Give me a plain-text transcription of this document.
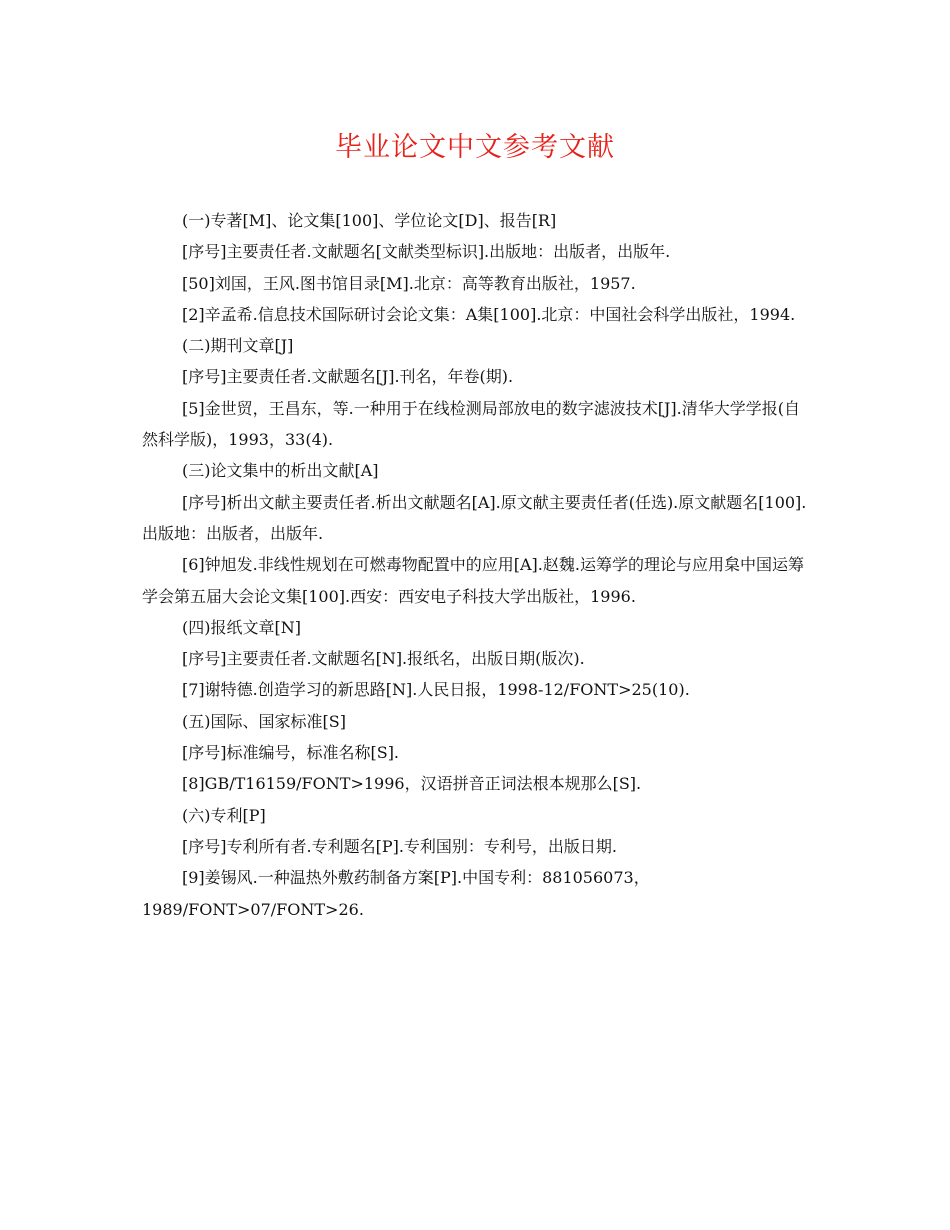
毕业论文中文参考文献

(一)专著[M]、论文集[100]、学位论文[D]、报告[R]

[序号]主要责任者.文献题名[文献类型标识].出版地：出版者，出版年.

[50]刘国，王风.图书馆目录[M].北京：高等教育出版社，1957.

[2]辛孟希.信息技术国际研讨会论文集：A集[100].北京：中国社会科学出版社，1994.

(二)期刊文章[J]

[序号]主要责任者.文献题名[J].刊名，年卷(期).

[5]金世贸，王昌东，等.一种用于在线检测局部放电的数字滤波技术[J].清华大学学报(自然科学版)，1993，33(4).

(三)论文集中的析出文献[A]

[序号]析出文献主要责任者.析出文献题名[A].原文献主要责任者(任选).原文献题名[100].出版地：出版者，出版年.

[6]钟旭发.非线性规划在可燃毒物配置中的应用[A].赵魏.运筹学的理论与应用枲中国运筹学会第五届大会论文集[100].西安：西安电子科技大学出版社，1996.

(四)报纸文章[N]

[序号]主要责任者.文献题名[N].报纸名，出版日期(版次).

[7]谢特德.创造学习的新思路[N].人民日报，1998-12/FONT>25(10).

(五)国际、国家标准[S]

[序号]标准编号，标准名称[S].

[8]GB/T16159/FONT>1996，汉语拼音正词法根本规那么[S].

(六)专利[P]

[序号]专利所有者.专利题名[P].专利国别：专利号，出版日期.

[9]姜锡风.一种温热外敷药制备方案[P].中国专利：881056073，1989/FONT>07/FONT>26.
